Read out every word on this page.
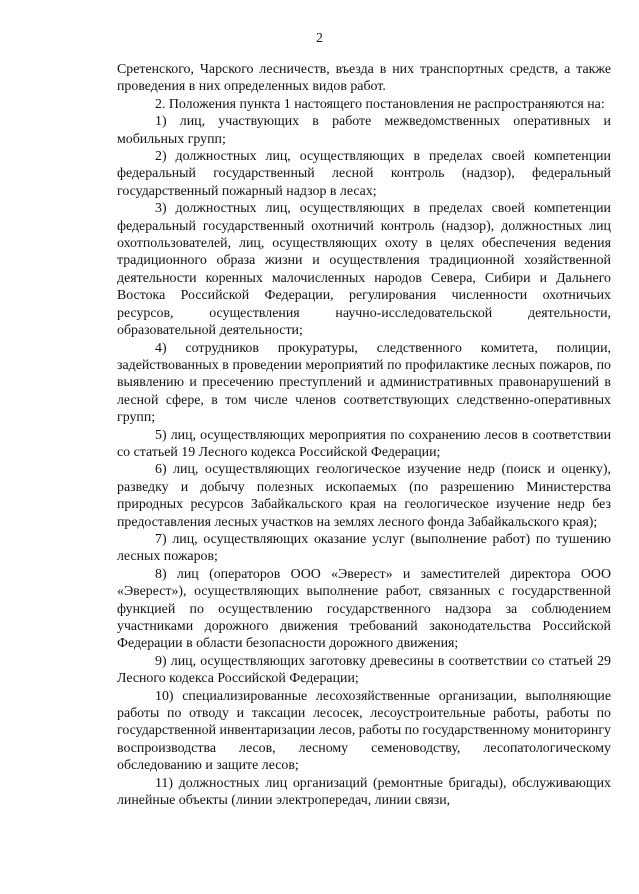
2

Сретенского, Чарского лесничеств, въезда в них транспортных средств, а также проведения в них определенных видов работ.

2. Положения пункта 1 настоящего постановления не распространяются на:

1) лиц, участвующих в работе межведомственных оперативных и мобильных групп;

2) должностных лиц, осуществляющих в пределах своей компетенции федеральный государственный лесной контроль (надзор), федеральный государственный пожарный надзор в лесах;

3) должностных лиц, осуществляющих в пределах своей компетенции федеральный государственный охотничий контроль (надзор), должностных лиц охотпользователей, лиц, осуществляющих охоту в целях обеспечения ведения традиционного образа жизни и осуществления традиционной хозяйственной деятельности коренных малочисленных народов Севера, Сибири и Дальнего Востока Российской Федерации, регулирования численности охотничьих ресурсов, осуществления научно-исследовательской деятельности, образовательной деятельности;

4) сотрудников прокуратуры, следственного комитета, полиции, задействованных в проведении мероприятий по профилактике лесных пожаров, по выявлению и пресечению преступлений и административных правонарушений в лесной сфере, в том числе членов соответствующих следственно-оперативных групп;

5) лиц, осуществляющих мероприятия по сохранению лесов в соответствии со статьей 19 Лесного кодекса Российской Федерации;

6) лиц, осуществляющих геологическое изучение недр (поиск и оценку), разведку и добычу полезных ископаемых (по разрешению Министерства природных ресурсов Забайкальского края на геологическое изучение недр без предоставления лесных участков на землях лесного фонда Забайкальского края);

7) лиц, осуществляющих оказание услуг (выполнение работ) по тушению лесных пожаров;

8) лиц (операторов ООО «Эверест» и заместителей директора ООО «Эверест»), осуществляющих выполнение работ, связанных с государственной функцией по осуществлению государственного надзора за соблюдением участниками дорожного движения требований законодательства Российской Федерации в области безопасности дорожного движения;

9) лиц, осуществляющих заготовку древесины в соответствии со статьей 29 Лесного кодекса Российской Федерации;

10) специализированные лесохозяйственные организации, выполняющие работы по отводу и таксации лесосек, лесоустроительные работы, работы по государственной инвентаризации лесов, работы по государственному мониторингу воспроизводства лесов, лесному семеноводству, лесопатологическому обследованию и защите лесов;

11) должностных лиц организаций (ремонтные бригады), обслуживающих линейные объекты (линии электропередач, линии связи,
